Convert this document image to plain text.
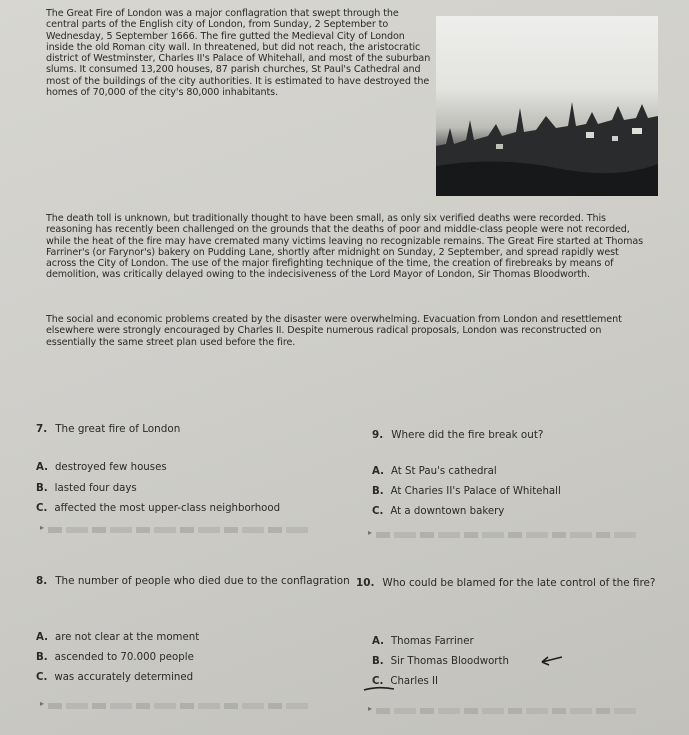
The Great Fire of London was a major conflagration that swept through the central parts of the English city of London, from Sunday, 2 September to Wednesday, 5 September 1666. The fire gutted the Medieval City of London inside the old Roman city wall. In threatened, but did not reach, the aristocratic district of Westminster, Charles II's Palace of Whitehall, and most of the suburban slums. It consumed 13,200 houses, 87 parish churches, St Paul's Cathedral and most of the buildings of the city authorities. It is estimated to have destroyed the homes of 70,000 of the city's 80,000 inhabitants.

The death toll is unknown, but traditionally thought to have been small, as only six verified deaths were recorded. This reasoning has recently been challenged on the grounds that the deaths of poor and middle-class people were not recorded, while the heat of the fire may have cremated many victims leaving no recognizable remains. The Great Fire started at Thomas Farriner's (or Farynor's) bakery on Pudding Lane, shortly after midnight on Sunday, 2 September, and spread rapidly west across the City of London. The use of the major firefighting technique of the time, the creation of firebreaks by means of demolition, was critically delayed owing to the indecisiveness of the Lord Mayor of London, Sir Thomas Bloodworth.

The social and economic problems created by the disaster were overwhelming. Evacuation from London and resettlement elsewhere were strongly encouraged by Charles II. Despite numerous radical proposals, London was reconstructed on essentially the same street plan used before the fire.

7. The great fire of London
A. destroyed few houses
B. lasted four days
C. affected the most upper-class neighborhood
▸
8. The number of people who died due to the conflagration
A. are not clear at the moment
B. ascended to 70.000 people
C. was accurately determined
▸
9. Where did the fire break out?
A. At St Pau's cathedral
B. At Charies II's Palace of Whitehall
C. At a downtown bakery
▸
10. Who could be blamed for the late control of the fire?
A. Thomas Farriner
B. Sir Thomas Bloodworth
C. Charles II
▸
